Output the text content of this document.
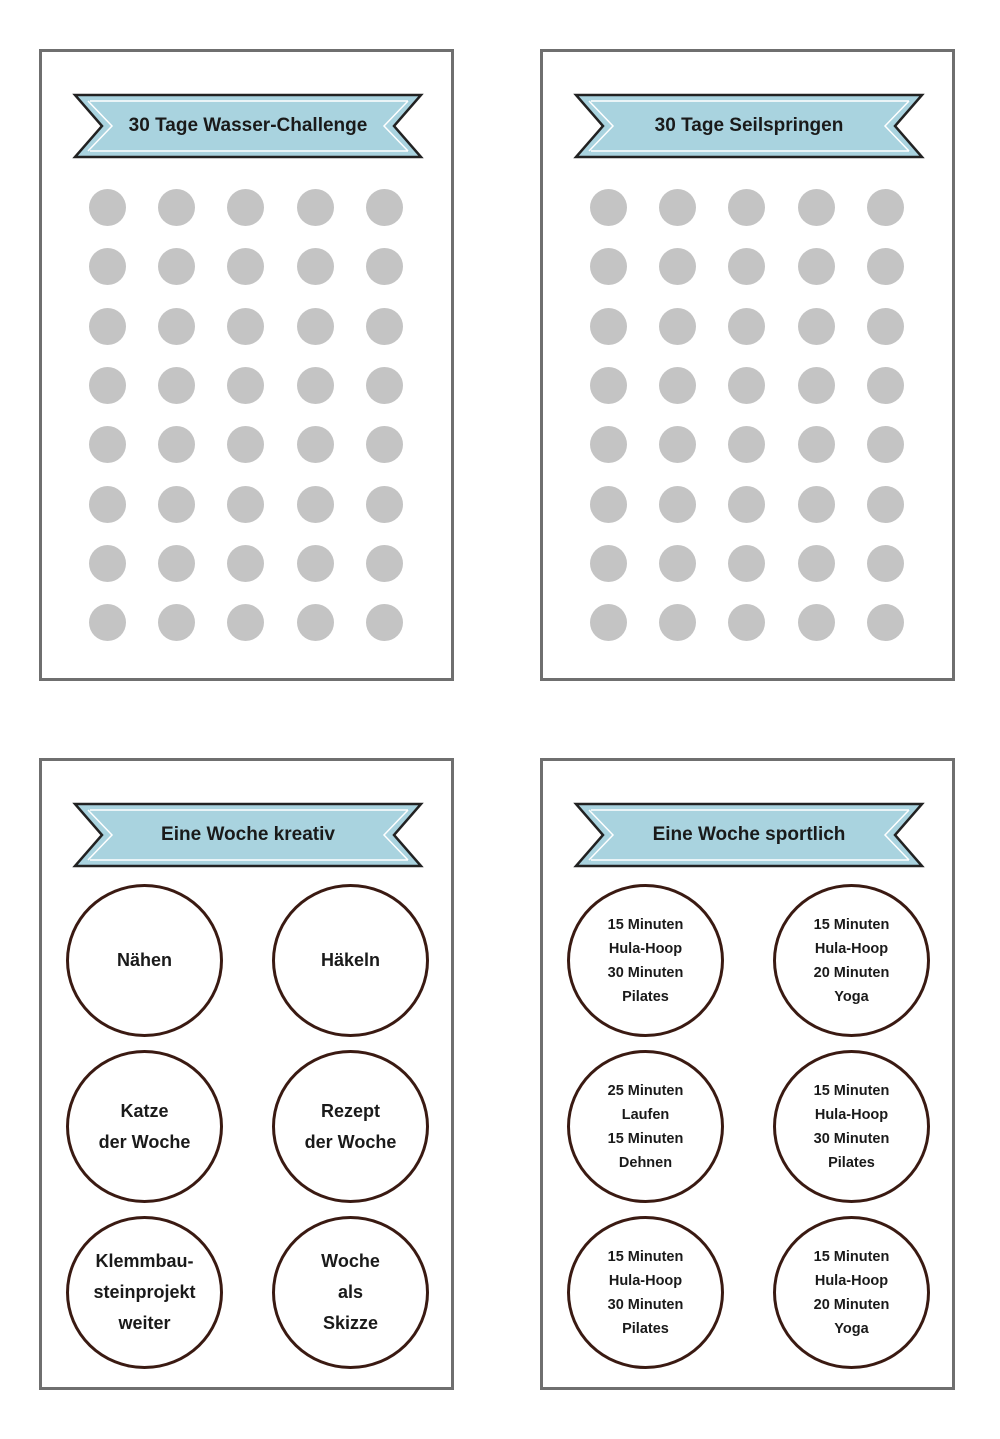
30 Tage Wasser-Challenge	30 Tage Seilspringen
Eine Woche kreativ
Nähen	Häkeln
Katze
der Woche
Rezept
der Woche
Klemmbau-
steinprojekt
weiter
Woche
als
Skizze
Eine Woche sportlich
15 Minuten
Hula-Hoop
30 Minuten
Pilates
15 Minuten
Hula-Hoop
20 Minuten
Yoga
25 Minuten
Laufen
15 Minuten
Dehnen
15 Minuten
Hula-Hoop
30 Minuten
Pilates
15 Minuten
Hula-Hoop
30 Minuten
Pilates
15 Minuten
Hula-Hoop
20 Minuten
Yoga
